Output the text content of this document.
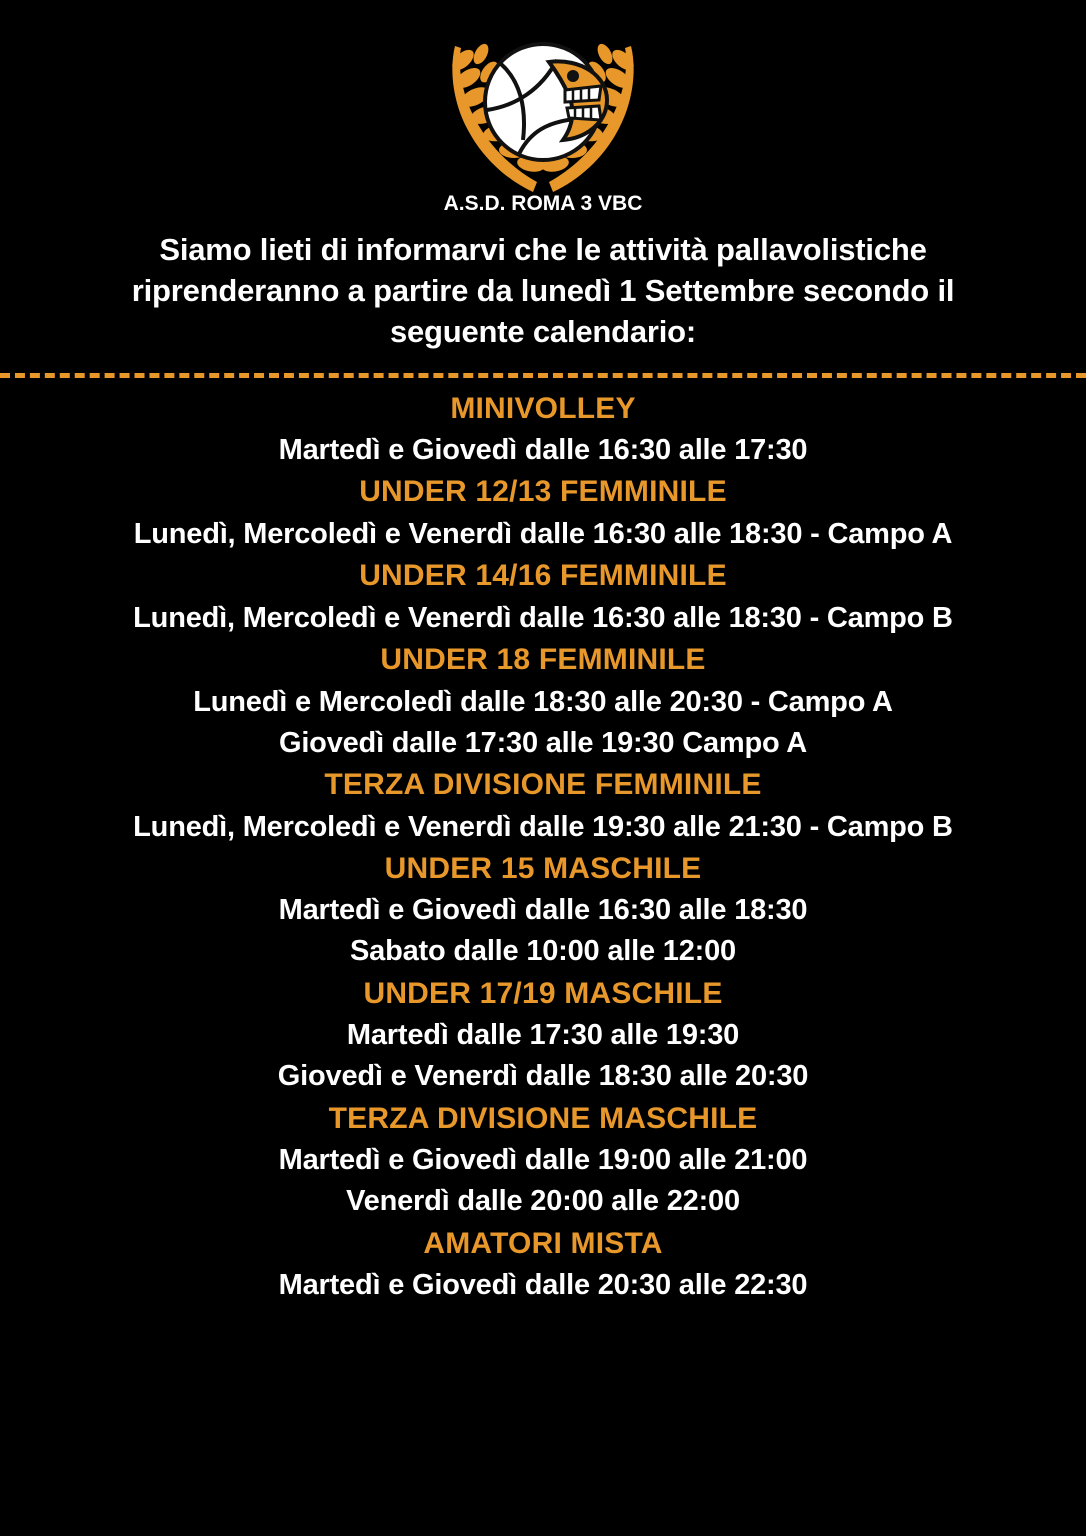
A.S.D. ROMA 3 VBC
Siamo lieti di informarvi che le attività pallavolistiche
riprenderanno a partire da lunedì 1 Settembre secondo il
seguente calendario:
MINIVOLLEY
Martedì e Giovedì dalle 16:30 alle 17:30
UNDER 12/13 FEMMINILE
Lunedì, Mercoledì e Venerdì dalle 16:30 alle 18:30 - Campo A
UNDER 14/16 FEMMINILE
Lunedì, Mercoledì e Venerdì dalle 16:30 alle 18:30 - Campo B
UNDER 18 FEMMINILE
Lunedì e Mercoledì dalle 18:30 alle 20:30 - Campo A
Giovedì dalle 17:30 alle 19:30 Campo A
TERZA DIVISIONE FEMMINILE
Lunedì, Mercoledì e Venerdì dalle 19:30 alle 21:30 - Campo B
UNDER 15 MASCHILE
Martedì e Giovedì dalle 16:30 alle 18:30
Sabato dalle 10:00 alle 12:00
UNDER 17/19 MASCHILE
Martedì dalle 17:30 alle 19:30
Giovedì e Venerdì dalle 18:30 alle 20:30
TERZA DIVISIONE MASCHILE
Martedì e Giovedì dalle 19:00 alle 21:00
Venerdì dalle 20:00 alle 22:00
AMATORI MISTA
Martedì e Giovedì dalle 20:30 alle 22:30
